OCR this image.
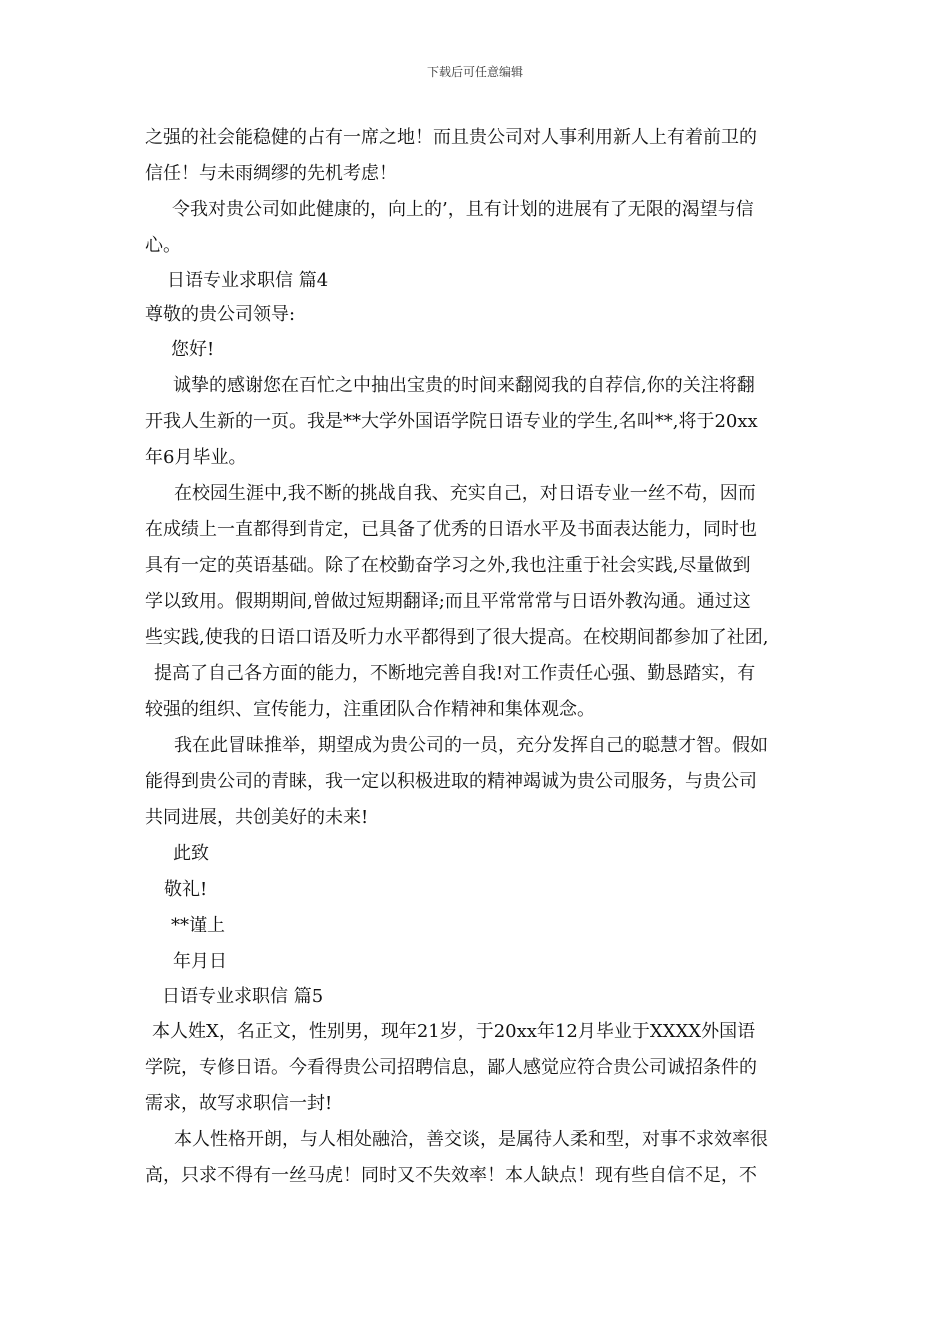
下载后可任意编辑
之强的社会能稳健的占有一席之地！而且贵公司对人事利用新人上有着前卫的
信任！与未雨绸缪的先机考虑！
令我对贵公司如此健康的，向上的’，且有计划的进展有了无限的渴望与信
心。
日语专业求职信 篇4
尊敬的贵公司领导:
您好!
诚挚的感谢您在百忙之中抽出宝贵的时间来翻阅我的自荐信,你的关注将翻
开我人生新的一页。我是**大学外国语学院日语专业的学生,名叫**,将于20xx
年6月毕业。
在校园生涯中,我不断的挑战自我、充实自己，对日语专业一丝不苟，因而
在成绩上一直都得到肯定，已具备了优秀的日语水平及书面表达能力，同时也
具有一定的英语基础。除了在校勤奋学习之外,我也注重于社会实践,尽量做到
学以致用。假期期间,曾做过短期翻译;而且平常常常与日语外教沟通。通过这
些实践,使我的日语口语及听力水平都得到了很大提高。在校期间都参加了社团,
提高了自己各方面的能力，不断地完善自我!对工作责任心强、勤恳踏实，有
较强的组织、宣传能力，注重团队合作精神和集体观念。
我在此冒昧推举，期望成为贵公司的一员，充分发挥自己的聪慧才智。假如
能得到贵公司的青睐，我一定以积极进取的精神竭诚为贵公司服务，与贵公司
共同进展，共创美好的未来!
此致
敬礼!
**谨上
年月日
日语专业求职信 篇5
本人姓X，名正文，性别男，现年21岁，于20xx年12月毕业于XXXX外国语
学院，专修日语。今看得贵公司招聘信息，鄙人感觉应符合贵公司诚招条件的
需求，故写求职信一封!
本人性格开朗，与人相处融洽，善交谈，是属待人柔和型，对事不求效率很
高，只求不得有一丝马虎！同时又不失效率！本人缺点！现有些自信不足，不
